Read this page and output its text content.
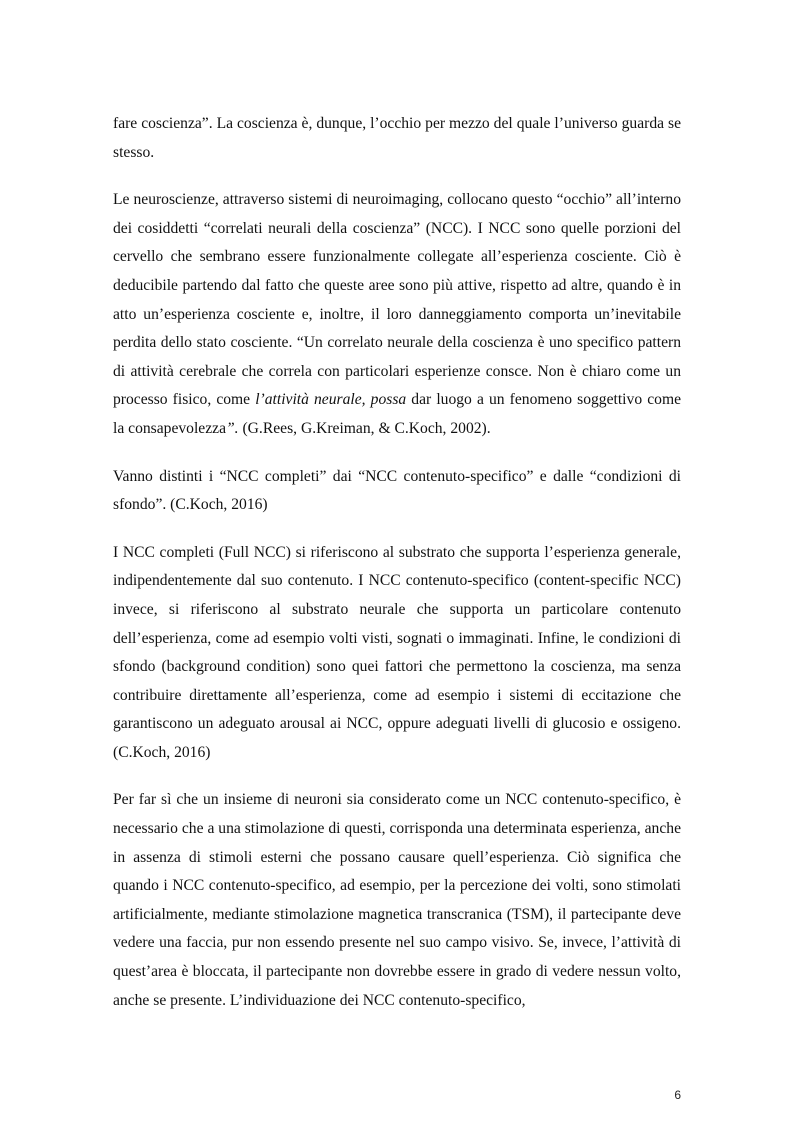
fare coscienza”. La coscienza è, dunque, l’occhio per mezzo del quale l’universo guarda se stesso.

Le neuroscienze, attraverso sistemi di neuroimaging, collocano questo “occhio” all’interno dei cosiddetti “correlati neurali della coscienza” (NCC). I NCC sono quelle porzioni del cervello che sembrano essere funzionalmente collegate all’esperienza cosciente. Ciò è deducibile partendo dal fatto che queste aree sono più attive, rispetto ad altre, quando è in atto un’esperienza cosciente e, inoltre, il loro danneggiamento comporta un’inevitabile perdita dello stato cosciente. “Un correlato neurale della coscienza è uno specifico pattern di attività cerebrale che correla con particolari esperienze consce. Non è chiaro come un processo fisico, come l’attività neurale, possa dar luogo a un fenomeno soggettivo come la consapevolezza”. (G.Rees, G.Kreiman, & C.Koch, 2002).

Vanno distinti i “NCC completi” dai “NCC contenuto-specifico” e dalle “condizioni di sfondo”. (C.Koch, 2016)

I NCC completi (Full NCC) si riferiscono al substrato che supporta l’esperienza generale, indipendentemente dal suo contenuto. I NCC contenuto-specifico (content-specific NCC) invece, si riferiscono al substrato neurale che supporta un particolare contenuto dell’esperienza, come ad esempio volti visti, sognati o immaginati. Infine, le condizioni di sfondo (background condition) sono quei fattori che permettono la coscienza, ma senza contribuire direttamente all’esperienza, come ad esempio i sistemi di eccitazione che garantiscono un adeguato arousal ai NCC, oppure adeguati livelli di glucosio e ossigeno. (C.Koch, 2016)

Per far sì che un insieme di neuroni sia considerato come un NCC contenuto-specifico, è necessario che a una stimolazione di questi, corrisponda una determinata esperienza, anche in assenza di stimoli esterni che possano causare quell’esperienza. Ciò significa che quando i NCC contenuto-specifico, ad esempio, per la percezione dei volti, sono stimolati artificialmente, mediante stimolazione magnetica transcranica (TSM), il partecipante deve vedere una faccia, pur non essendo presente nel suo campo visivo. Se, invece, l’attività di quest’area è bloccata, il partecipante non dovrebbe essere in grado di vedere nessun volto, anche se presente. L’individuazione dei NCC contenuto-specifico,

6
